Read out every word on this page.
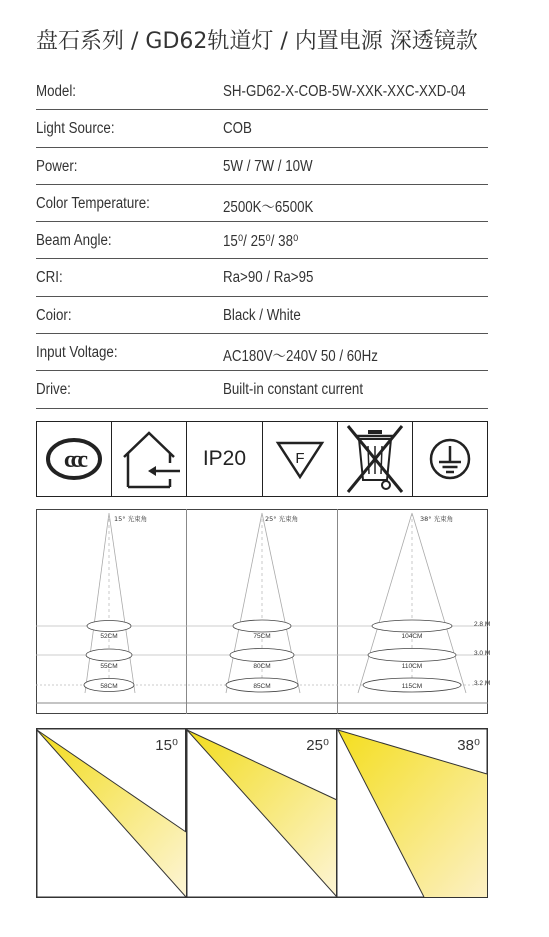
盘石系列 / GD62轨道灯 / 内置电源 深透镜款
Model:	SH-GD62-X-COB-5W-XXK-XXC-XXD-04
Light Source:	COB
Power:	5W / 7W / 10W
Color Temperature:	2500K～6500K
Beam Angle:	15⁰/ 25⁰/ 38⁰
CRI:	Ra>90 / Ra>95
Coior:	Black / White
Input Voltage:	AC180V～240V 50 / 60Hz
Drive:	Built-in constant current
ccc	IP20	F
15° 光束角
52CM
55CM
58CM
25° 光束角
75CM
80CM
85CM
38° 光束角
104CM
110CM
115CM
2.8 M
3.0 M
3.2 M
15⁰	25⁰	38⁰
